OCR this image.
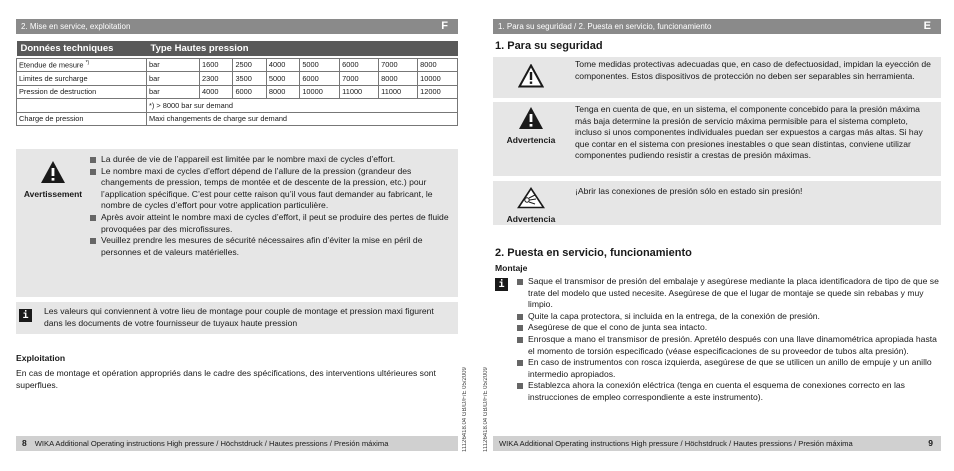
2. Mise en service, exploitation	F
Données techniques	Type Hautes pression							

Etendue de mesure *)	bar	1600	2500	4000	5000	6000	7000	8000
Limites de surcharge	bar	2300	3500	5000	6000	7000	8000	10000
Pression de destruction	bar	4000	6000	8000	10000	11000	11000	12000
	*) > 8000 bar sur demand							
Charge de pression	Maxi changements de charge sur demand							
Avertissement
La durée de vie de l’appareil est limitée par le nombre maxi de cycles d’effort.
Le nombre maxi de cycles d’effort dépend de l’allure de la pression (grandeur des changements de pression, temps de montée et de descente de la pression, etc.) pour l’application spécifique. C’est pour cette raison qu’il vous faut demander au fabricant, le nombre de cycles d’effort pour votre application particulière.
Après avoir atteint le nombre maxi de cycles d’effort, il peut se produire des pertes de fluide provoquées par des microfissures.
Veuillez prendre les mesures de sécurité nécessaires afin d’éviter la mise en péril de personnes et de valeurs matérielles.
i	Les valeurs qui conviennent à votre lieu de montage pour couple de montage et pression maxi figurent dans les documents de votre fournisseur de tuyaux haute pression
Exploitation
En cas de montage et opération appropriés dans le cadre des spécifications, des interventions ultérieures sont superflues.
8 WIKA Additional Operating instructions High pressure / Höchstdruck / Hautes pressions / Presión máxima	11126418.04 GB/D/F/E 05/2009	11126418.04 GB/D/F/E 05/2009
1. Para su seguridad / 2. Puesta en servicio, funcionamiento	E
1. Para su seguridad
Tome medidas protectivas adecuadas que, en caso de defectuosidad, impidan la eyección de componentes. Estos dispositivos de protección no deben ser separables sin herramienta.
Advertencia
Tenga en cuenta de que, en un sistema, el componente concebido para la presión máxima más baja determine la presión de servicio máxima permisible para el sistema completo, incluso si unos componentes individuales puedan ser expuestos a cargas más altas. Si hay que contar en el sistema con presiones inestables o que sean distintas, conviene utilizar componentes pudiendo resistir a crestas de presión máximas.
Advertencia
¡Abrir las conexiones de presión sólo en estado sin presión!
2. Puesta en servicio, funcionamiento
Montaje
i	Saque el transmisor de presión del embalaje y asegúrese mediante la placa identificadora de tipo de que se trate del modelo que usted necesite. Asegúrese de que el lugar de montaje se quede sin rebabas y muy limpio.
Quite la capa protectora, si incluida en la entrega, de la conexión de presión.
Asegúrese de que el cono de junta sea intacto.
Enrosque a mano el transmisor de presión. Apretélo después con una llave dinamométrica apropiada hasta el momento de torsión especificado (véase especificaciones de su proveedor de tubos alta presión).
En caso de instrumentos con rosca izquierda, asegúrese de que se utilicen un anillo de empuje y un anillo intermedio apropiados.
Establezca ahora la conexión eléctrica (tenga en cuenta el esquema de conexiones correcto en las instrucciones de empleo correspondiente a este instrumento).
WIKA Additional Operating instructions High pressure / Höchstdruck / Hautes pressions / Presión máxima	9
